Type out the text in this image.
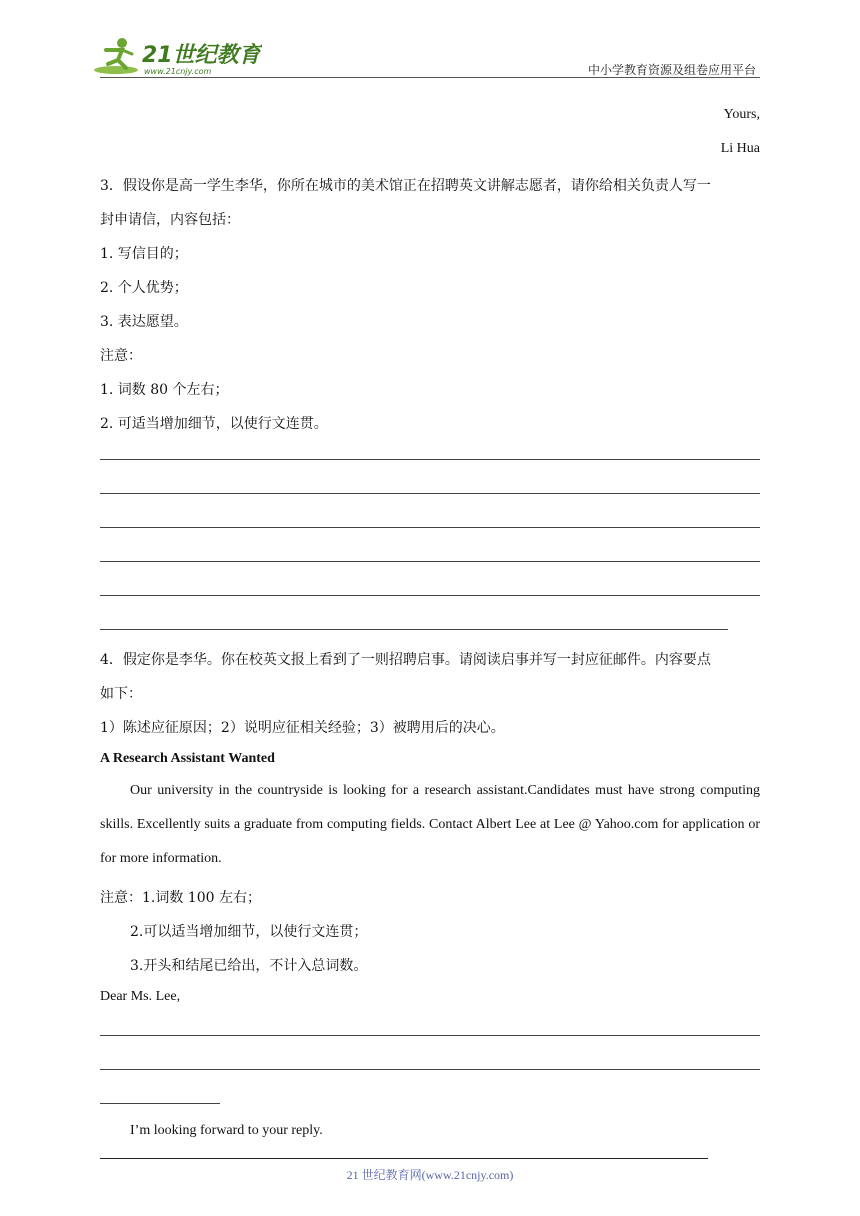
21世纪教育
www.21cnjy.com	中小学教育资源及组卷应用平台
Yours,
Li Hua
3．假设你是高一学生李华，你所在城市的美术馆正在招聘英文讲解志愿者，请你给相关负责人写一
封申请信，内容包括：
1. 写信目的；
2. 个人优势；
3. 表达愿望。
注意：
1. 词数 80 个左右；
2. 可适当增加细节，以使行文连贯。
4．假定你是李华。你在校英文报上看到了一则招聘启事。请阅读启事并写一封应征邮件。内容要点
如下：
1）陈述应征原因；2）说明应征相关经验；3）被聘用后的决心。
A Research Assistant Wanted
Our university in the countryside is looking for a research assistant.Candidates must have strong computing skills. Excellently suits a graduate from computing fields. Contact Albert Lee at Lee @ Yahoo.com for application or for more information.
注意：1.词数 100 左右；
2.可以适当增加细节，以使行文连贯；
3.开头和结尾已给出，不计入总词数。
Dear Ms. Lee,
I’m looking forward to your reply.
21 世纪教育网(www.21cnjy.com)
